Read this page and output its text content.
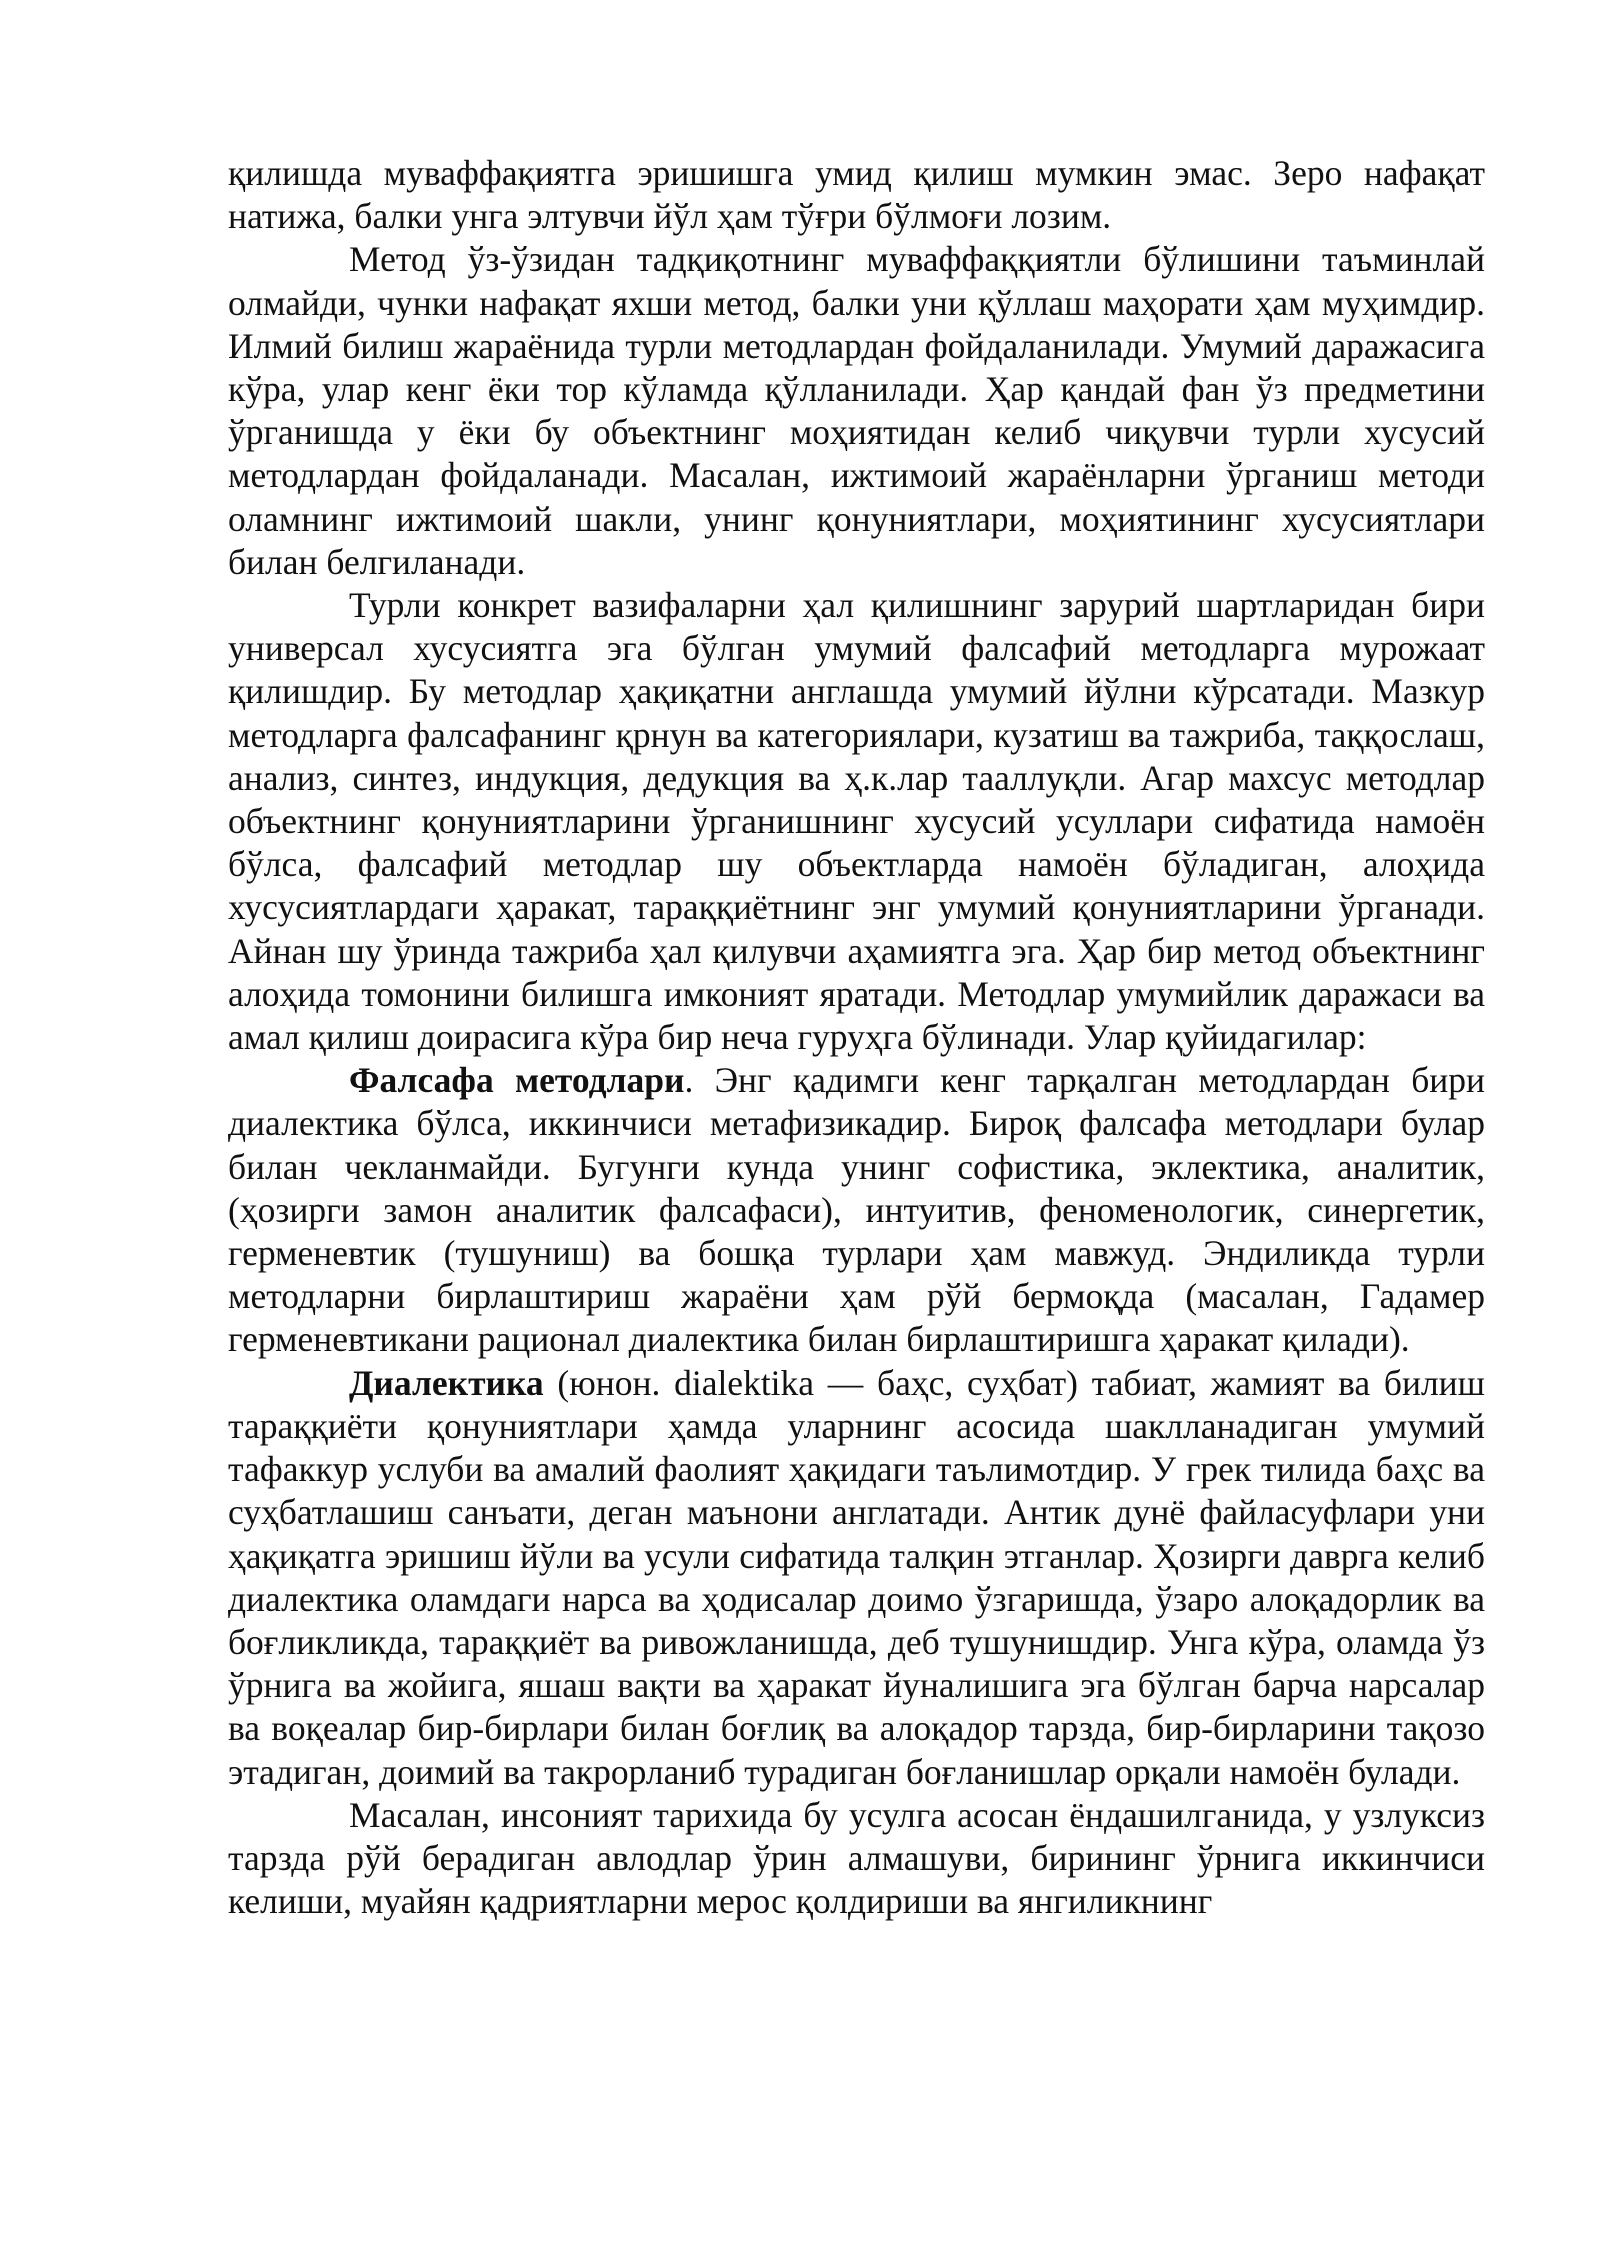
қилишда муваффақиятга эришишга умид қилиш мумкин эмас. Зеро нафақат натижа, балки унга элтувчи йўл ҳам тўғри бўлмоғи лозим.

Метод ўз-ўзидан тадқиқотнинг муваффаққиятли бўлишини таъминлай олмайди, чунки нафақат яхши метод, балки уни қўллаш маҳорати ҳам муҳимдир. Илмий билиш жараёнида турли методлардан фойдаланилади. Умумий даражасига кўра, улар кенг ёки тор кўламда қўлланилади. Ҳар қандай фан ўз предметини ўрганишда у ёки бу объектнинг моҳиятидан келиб чиқувчи турли хусусий методлардан фойдаланади. Масалан, ижтимоий жараёнларни ўрганиш методи оламнинг ижтимоий шакли, унинг қонуниятлари, моҳиятининг хусусиятлари билан белгиланади.

Турли конкрет вазифаларни ҳал қилишнинг зарурий шартларидан бири универсал хусусиятга эга бўлган умумий фалсафий методларга мурожаат қилишдир. Бу методлар ҳақиқатни англашда умумий йўлни кўрсатади. Мазкур методларга фалсафанинг қрнун ва категориялари, кузатиш ва тажриба, таққослаш, анализ, синтез, индукция, дедукция ва ҳ.к.лар тааллуқли. Агар махсус методлар объектнинг қонуниятларини ўрганишнинг хусусий усуллари сифатида намоён бўлса, фалсафий методлар шу объектларда намоён бўладиган, алоҳида хусусиятлардаги ҳаракат, тараққиётнинг энг умумий қонуниятларини ўрганади. Айнан шу ўринда тажриба ҳал қилувчи аҳамиятга эга. Ҳар бир метод объектнинг алоҳида томонини билишга имконият яратади. Методлар умумийлик даражаси ва амал қилиш доирасига кўра бир неча гуруҳга бўлинади. Улар қуйидагилар:

Фалсафа методлари. Энг қадимги кенг тарқалган методлардан бири диалектика бўлса, иккинчиси метафизикадир. Бироқ фалсафа методлари булар билан чекланмайди. Бугунги кунда унинг софистика, эклектика, аналитик, (ҳозирги замон аналитик фалсафаси), интуитив, феноменологик, синергетик, герменевтик (тушуниш) ва бошқа турлари ҳам мавжуд. Эндиликда турли методларни бирлаштириш жараёни ҳам рўй бермоқда (масалан, Гадамер герменевтикани рационал диалектика билан бирлаштиришга ҳаракат қилади).

Диалектика (юнон. dialektika — баҳс, суҳбат) табиат, жамият ва билиш тараққиёти қонуниятлари ҳамда уларнинг асосида шаклланадиган умумий тафаккур услуби ва амалий фаолият ҳақидаги таълимотдир. У грек тилида баҳс ва суҳбатлашиш санъати, деган маънони англатади. Антик дунё файласуфлари уни ҳақиқатга эришиш йўли ва усули сифатида талқин этганлар. Ҳозирги даврга келиб диалектика оламдаги нарса ва ҳодисалар доимо ўзгаришда, ўзаро алоқадорлик ва боғликликда, тараққиёт ва ривожланишда, деб тушунишдир. Унга кўра, оламда ўз ўрнига ва жойига, яшаш вақти ва ҳаракат йуналишига эга бўлган барча нарсалар ва воқеалар бир-бирлари билан боғлиқ ва алоқадор тарзда, бир-бирларини тақозо этадиган, доимий ва такрорланиб турадиган боғланишлар орқали намоён булади.

Масалан, инсоният тарихида бу усулга асосан ёндашилганида, у узлуксиз тарзда рўй берадиган авлодлар ўрин алмашуви, бирининг ўрнига иккинчиси келиши, муайян қадриятларни мерос қолдириши ва янгиликнинг
